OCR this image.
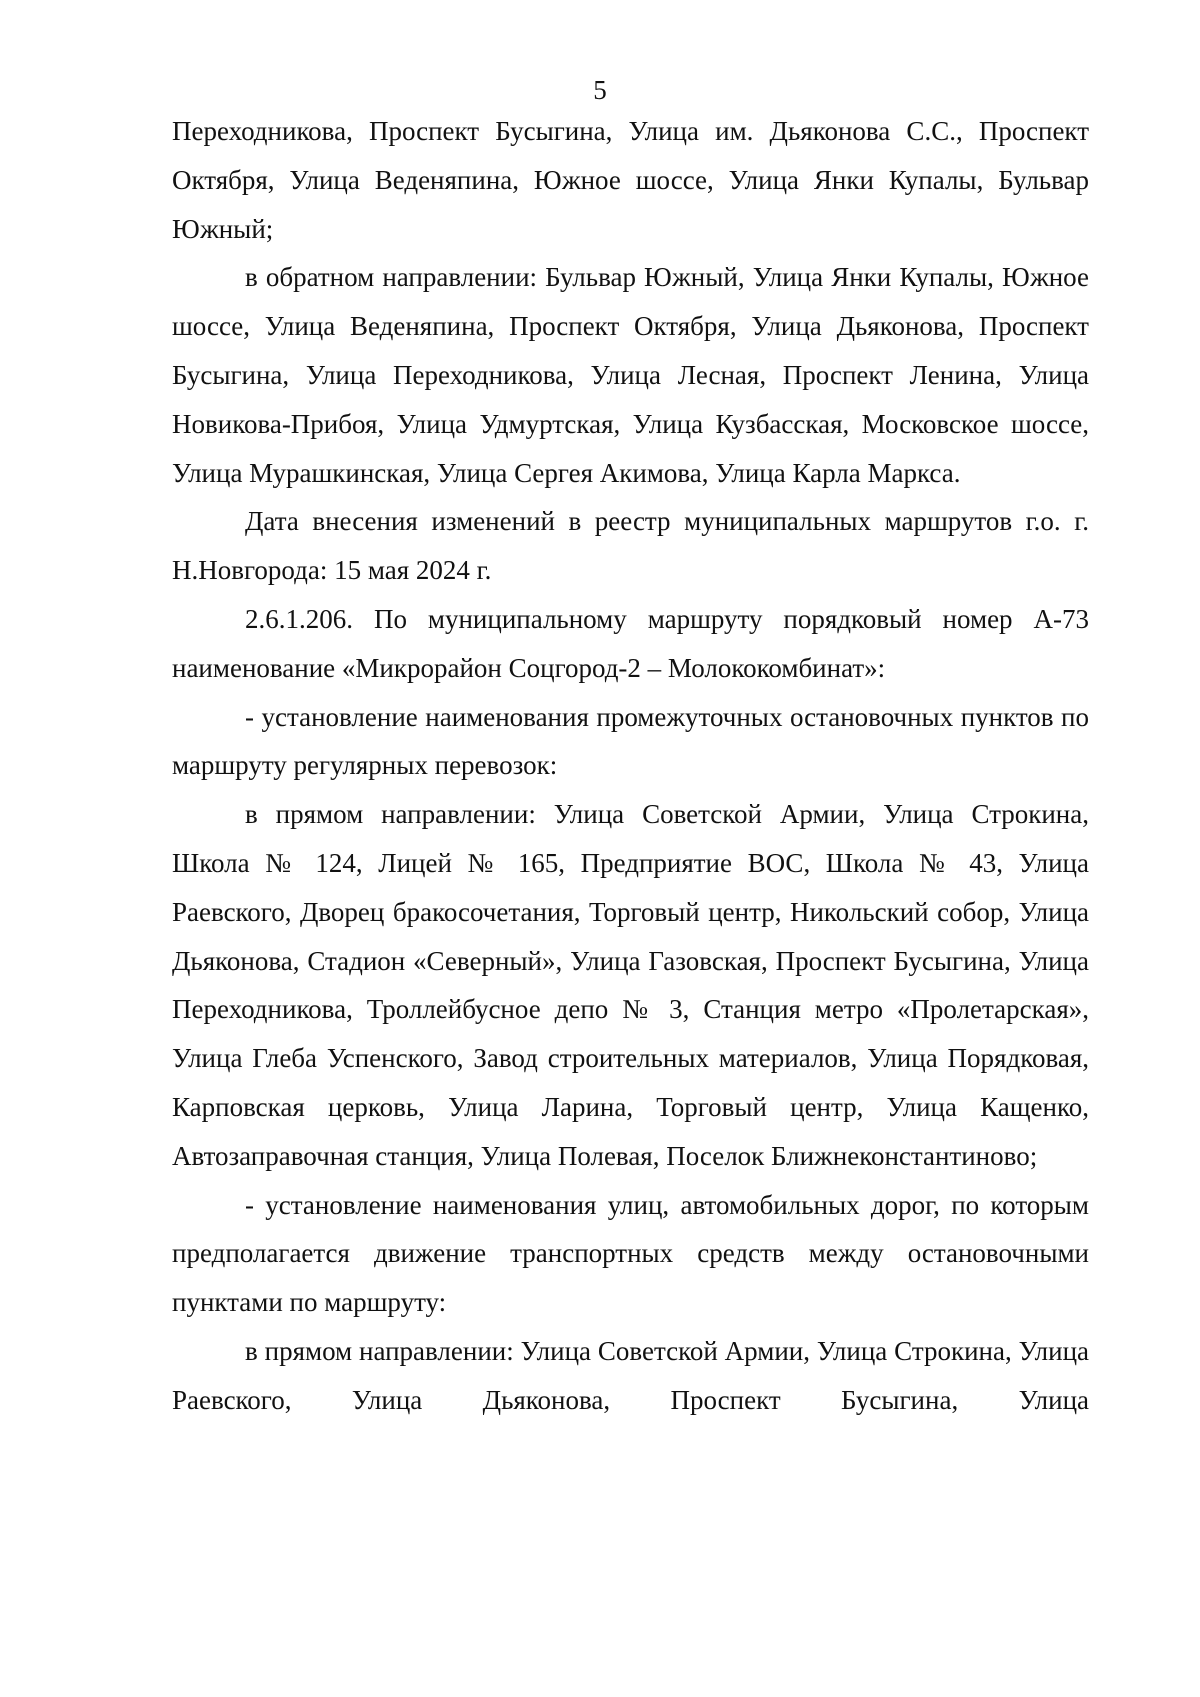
5

Переходникова, Проспект Бусыгина, Улица им. Дьяконова С.С., Проспект Октября, Улица Веденяпина, Южное шоссе, Улица Янки Купалы, Бульвар Южный;

в обратном направлении: Бульвар Южный, Улица Янки Купалы, Южное шоссе, Улица Веденяпина, Проспект Октября, Улица Дьяконова, Проспект Бусыгина, Улица Переходникова, Улица Лесная, Проспект Ленина, Улица Новикова-Прибоя, Улица Удмуртская, Улица Кузбасская, Московское шоссе, Улица Мурашкинская, Улица Сергея Акимова, Улица Карла Маркса.

Дата внесения изменений в реестр муниципальных маршрутов г.о. г. Н.Новгорода: 15 мая 2024 г.

2.6.1.206. По муниципальному маршруту порядковый номер А-73 наименование «Микрорайон Соцгород-2 – Молококомбинат»:

- установление наименования промежуточных остановочных пунктов по маршруту регулярных перевозок:

в прямом направлении: Улица Советской Армии, Улица Строкина, Школа № 124, Лицей № 165, Предприятие ВОС, Школа № 43, Улица Раевского, Дворец бракосочетания, Торговый центр, Никольский собор, Улица Дьяконова, Стадион «Северный», Улица Газовская, Проспект Бусыгина, Улица Переходникова, Троллейбусное депо № 3, Станция метро «Пролетарская», Улица Глеба Успенского, Завод строительных материалов, Улица Порядковая, Карповская церковь, Улица Ларина, Торговый центр, Улица Кащенко, Автозаправочная станция, Улица Полевая, Поселок Ближнеконстантиново;

- установление наименования улиц, автомобильных дорог, по которым предполагается движение транспортных средств между остановочными пунктами по маршруту:

в прямом направлении: Улица Советской Армии, Улица Строкина, Улица Раевского, Улица Дьяконова, Проспект Бусыгина, Улица
